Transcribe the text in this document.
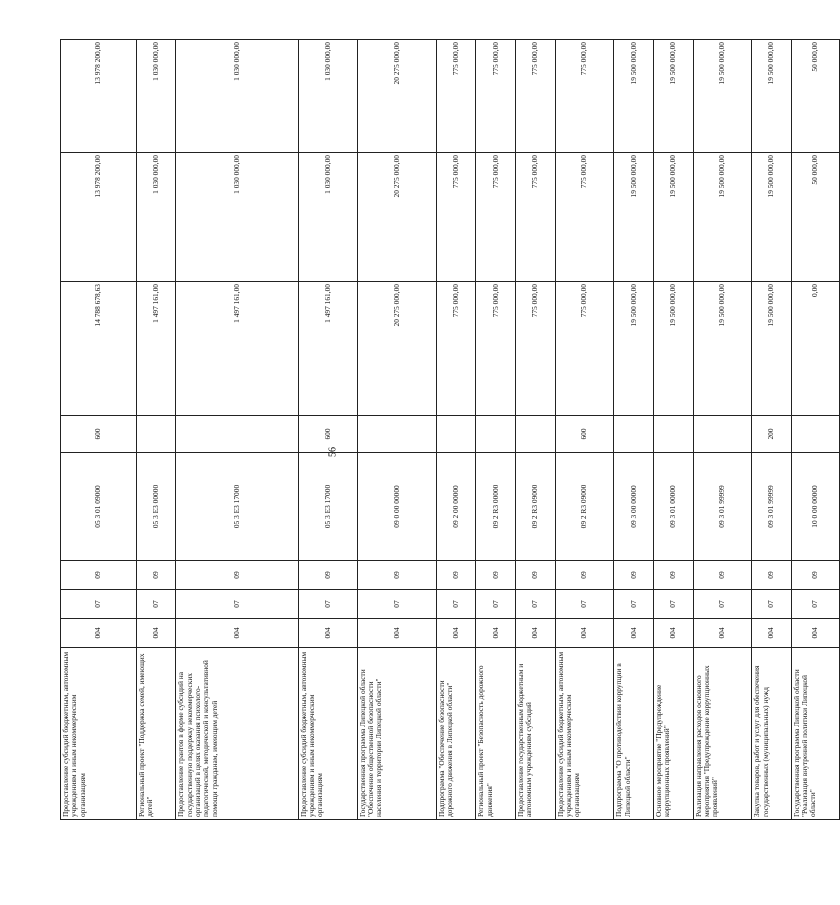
56
Предоставление субсидий бюджетным, автономным учреждениям и иным некоммерческим организациям	004	07	09	05 3 01 09000	600	14 788 678,63	13 978 200,00	13 978 200,00
Региональный проект "Поддержка семей, имеющих детей"	004	07	09	05 3 E3 00000		1 497 161,00	1 030 000,00	1 030 000,00
Предоставление грантов в форме субсидий на государственную поддержку некоммерческих организаций в целях оказания психолого-педагогической, методической и консультативной помощи гражданам, имеющим детей	004	07	09	05 3 E3 17000		1 497 161,00	1 030 000,00	1 030 000,00
Предоставление субсидий бюджетным, автономным учреждениям и иным некоммерческим организациям	004	07	09	05 3 E3 17000	600	1 497 161,00	1 030 000,00	1 030 000,00
Государственная программа Липецкой области "Обеспечение общественной безопасности населения и территории Липецкой области"	004	07	09	09 0 00 00000		20 275 000,00	20 275 000,00	20 275 000,00
Подпрограмма "Обеспечение безопасности дорожного движения в Липецкой области"	004	07	09	09 2 00 00000		775 000,00	775 000,00	775 000,00
Региональный проект "Безопасность дорожного движения"	004	07	09	09 2 R3 00000		775 000,00	775 000,00	775 000,00
Предоставление государственным бюджетным и автономным учреждениям субсидий	004	07	09	09 2 R3 09000		775 000,00	775 000,00	775 000,00
Предоставление субсидий бюджетным, автономным учреждениям и иным некоммерческим организациям	004	07	09	09 2 R3 09000	600	775 000,00	775 000,00	775 000,00
Подпрограмма "О противодействии коррупции в Липецкой области"	004	07	09	09 3 00 00000		19 500 000,00	19 500 000,00	19 500 000,00
Основное мероприятие "Предупреждение коррупционных проявлений"	004	07	09	09 3 01 00000		19 500 000,00	19 500 000,00	19 500 000,00
Реализация направления расходов основного мероприятия "Предупреждение коррупционных проявлений"	004	07	09	09 3 01 99999		19 500 000,00	19 500 000,00	19 500 000,00
Закупка товаров, работ и услуг для обеспечения государственных (муниципальных) нужд	004	07	09	09 3 01 99999	200	19 500 000,00	19 500 000,00	19 500 000,00
Государственная программа Липецкой области "Реализация внутренней политики Липецкой области"	004	07	09	10 0 00 00000		0,00	50 000,00	50 000,00
